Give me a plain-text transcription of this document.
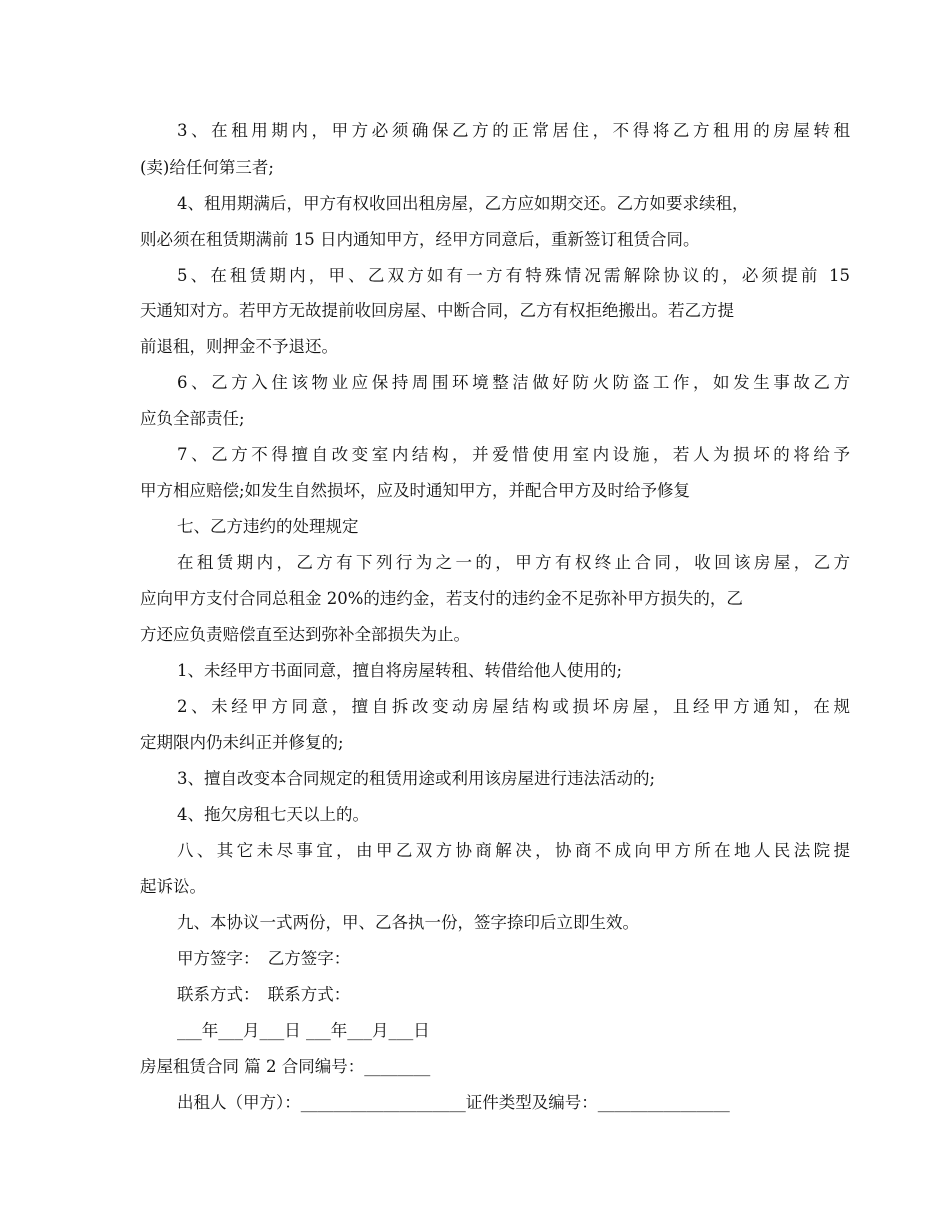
3、在租用期内，甲方必须确保乙方的正常居住，不得将乙方租用的房屋转租
(卖)给任何第三者;
4、租用期满后，甲方有权收回出租房屋，乙方应如期交还。乙方如要求续租，
则必须在租赁期满前 15 日内通知甲方，经甲方同意后，重新签订租赁合同。
5、在租赁期内，甲、乙双方如有一方有特殊情况需解除协议的，必须提前 15
天通知对方。若甲方无故提前收回房屋、中断合同，乙方有权拒绝搬出。若乙方提
前退租，则押金不予退还。
6、乙方入住该物业应保持周围环境整洁做好防火防盗工作，如发生事故乙方
应负全部责任;
7、乙方不得擅自改变室内结构，并爱惜使用室内设施，若人为损坏的将给予
甲方相应赔偿;如发生自然损坏，应及时通知甲方，并配合甲方及时给予修复
七、乙方违约的处理规定
在租赁期内，乙方有下列行为之一的，甲方有权终止合同，收回该房屋，乙方
应向甲方支付合同总租金 20%的违约金，若支付的违约金不足弥补甲方损失的，乙
方还应负责赔偿直至达到弥补全部损失为止。
1、未经甲方书面同意，擅自将房屋转租、转借给他人使用的;
2、未经甲方同意，擅自拆改变动房屋结构或损坏房屋，且经甲方通知，在规
定期限内仍未纠正并修复的;
3、擅自改变本合同规定的租赁用途或利用该房屋进行违法活动的;
4、拖欠房租七天以上的。
八、其它未尽事宜，由甲乙双方协商解决，协商不成向甲方所在地人民法院提
起诉讼。
九、本协议一式两份，甲、乙各执一份，签字捺印后立即生效。
甲方签字：　乙方签字：
联系方式：　联系方式：
___年___月___日 ___年___月___日
房屋租赁合同 篇 2 合同编号：________
出租人（甲方）：____________________证件类型及编号：________________
